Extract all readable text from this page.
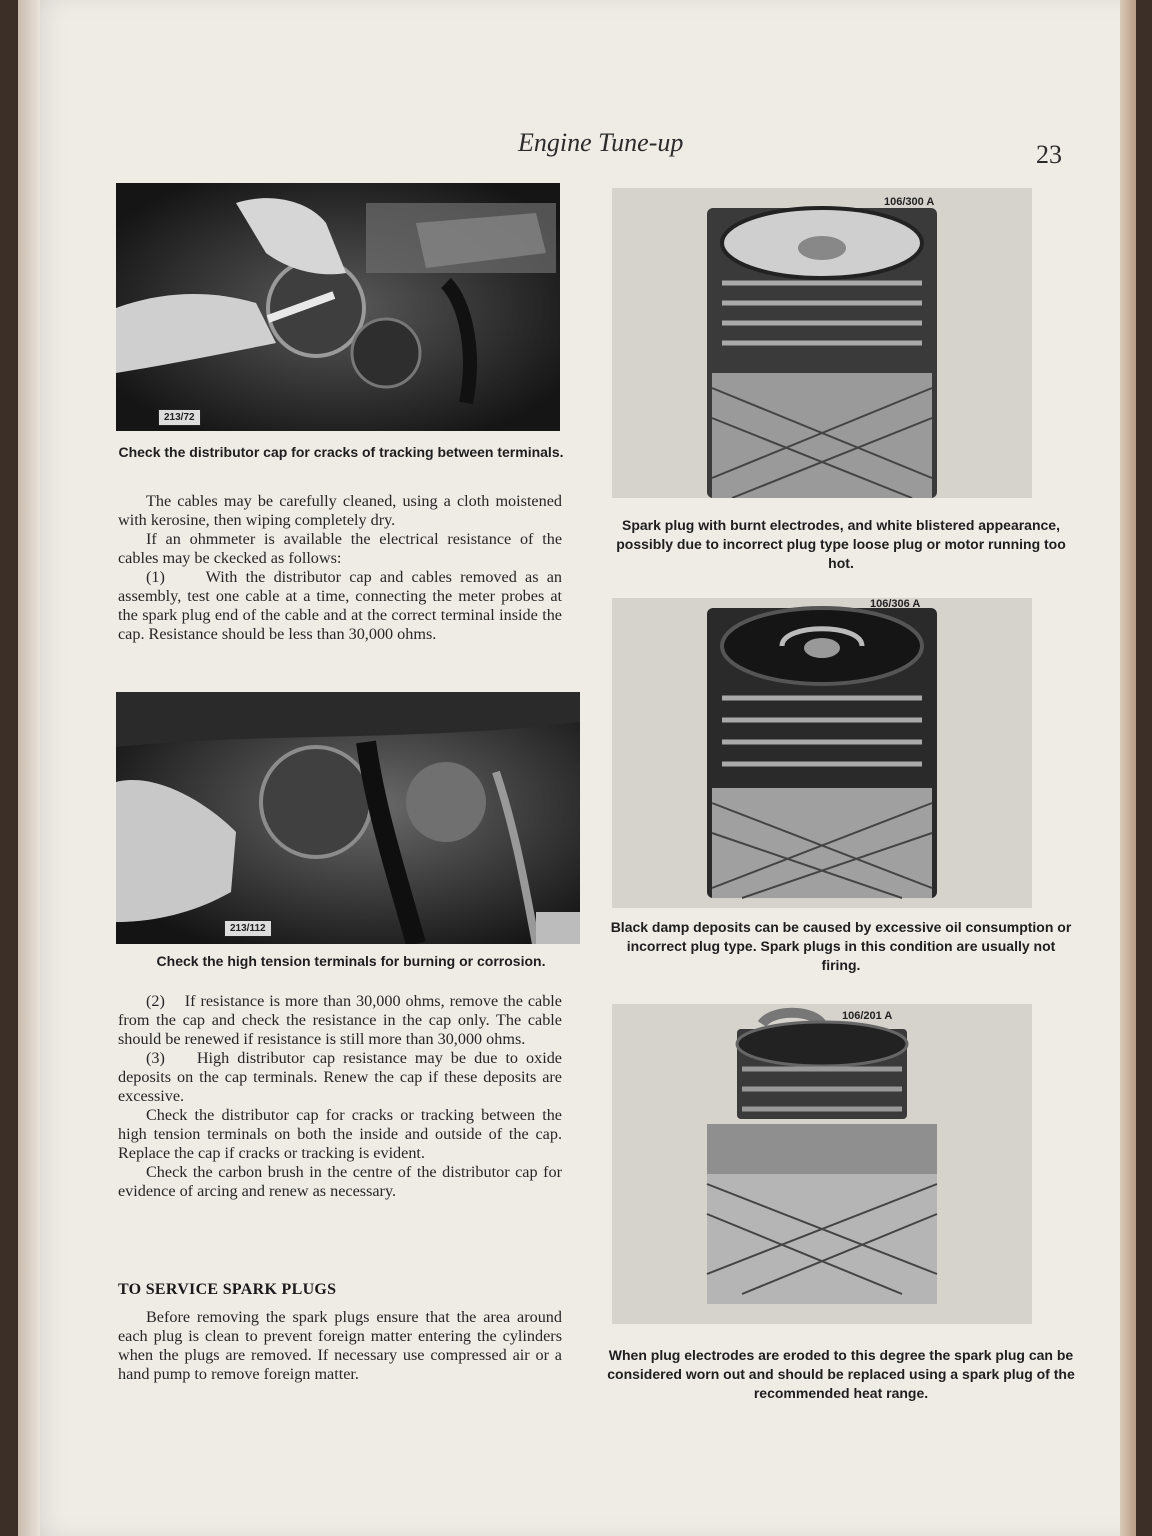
Engine Tune-up	23
213/72
Check the distributor cap for cracks of tracking between terminals.

The cables may be carefully cleaned, using a cloth moistened with kerosine, then wiping completely dry.

If an ohmmeter is available the electrical resistance of the cables may be ckecked as follows:

(1)     With the distributor cap and cables removed as an assembly, test one cable at a time, connecting the meter probes at the spark plug end of the cable and at the correct terminal inside the cap. Resistance should be less than 30,000 ohms.

213/112
Check the high tension terminals for burning or corrosion.

(2)    If resistance is more than 30,000 ohms, remove the cable from the cap and check the resistance in the cap only. The cable should be renewed if resistance is still more than 30,000 ohms.

(3)    High distributor cap resistance may be due to oxide deposits on the cap terminals. Renew the cap if these deposits are excessive.

Check the distributor cap for cracks or tracking between the high tension terminals on both the inside and outside of the cap. Replace the cap if cracks or tracking is evident.

Check the carbon brush in the centre of the distributor cap for evidence of arcing and renew as necessary.

TO SERVICE SPARK PLUGS

Before removing the spark plugs ensure that the area around each plug is clean to prevent foreign matter entering the cylinders when the plugs are removed. If necessary use compressed air or a hand pump to remove foreign matter.

106/300 A
Spark plug with burnt electrodes, and white blistered appearance, possibly due to incorrect plug type loose plug or motor running too hot.
106/306 A
Black damp deposits can be caused by excessive oil consumption or incorrect plug type. Spark plugs in this condition are usually not firing.
106/201 A
When plug electrodes are eroded to this degree the spark plug can be considered worn out and should be replaced using a spark plug of the recommended heat range.
